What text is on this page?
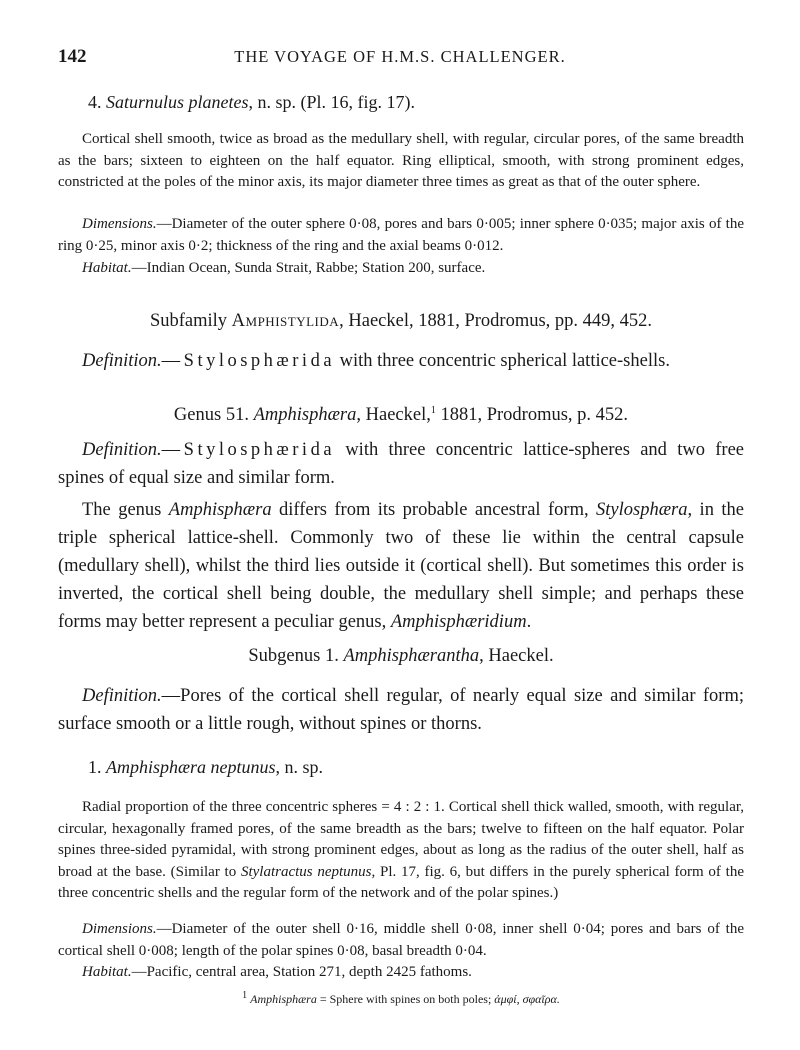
142	THE VOYAGE OF H.M.S. CHALLENGER.
4. Saturnulus planetes, n. sp. (Pl. 16, fig. 17).

Cortical shell smooth, twice as broad as the medullary shell, with regular, circular pores, of the same breadth as the bars; sixteen to eighteen on the half equator. Ring elliptical, smooth, with strong prominent edges, constricted at the poles of the minor axis, its major diameter three times as great as that of the outer sphere.

Dimensions.—Diameter of the outer sphere 0·08, pores and bars 0·005; inner sphere 0·035; major axis of the ring 0·25, minor axis 0·2; thickness of the ring and the axial beams 0·012.

Habitat.—Indian Ocean, Sunda Strait, Rabbe; Station 200, surface.

Subfamily Amphistylida, Haeckel, 1881, Prodromus, pp. 449, 452.

Definition.—Stylosphærida with three concentric spherical lattice-shells.

Genus 51. Amphisphæra, Haeckel,$^1$ 1881, Prodromus, p. 452.

Definition.—Stylosphærida with three concentric lattice-spheres and two free spines of equal size and similar form.

The genus Amphisphæra differs from its probable ancestral form, Stylosphæra, in the triple spherical lattice-shell. Commonly two of these lie within the central capsule (medullary shell), whilst the third lies outside it (cortical shell). But sometimes this order is inverted, the cortical shell being double, the medullary shell simple; and perhaps these forms may better represent a peculiar genus, Amphisphæridium.

Subgenus 1. Amphisphærantha, Haeckel.

Definition.—Pores of the cortical shell regular, of nearly equal size and similar form; surface smooth or a little rough, without spines or thorns.

1. Amphisphæra neptunus, n. sp.

Radial proportion of the three concentric spheres = 4 : 2 : 1. Cortical shell thick walled, smooth, with regular, circular, hexagonally framed pores, of the same breadth as the bars; twelve to fifteen on the half equator. Polar spines three-sided pyramidal, with strong prominent edges, about as long as the radius of the outer shell, half as broad at the base. (Similar to Stylatractus neptunus, Pl. 17, fig. 6, but differs in the purely spherical form of the three concentric shells and the regular form of the network and of the polar spines.)

Dimensions.—Diameter of the outer shell 0·16, middle shell 0·08, inner shell 0·04; pores and bars of the cortical shell 0·008; length of the polar spines 0·08, basal breadth 0·04.

Habitat.—Pacific, central area, Station 271, depth 2425 fathoms.

$^1$ Amphisphæra = Sphere with spines on both poles; ἀμφί, σφαῖρα.
